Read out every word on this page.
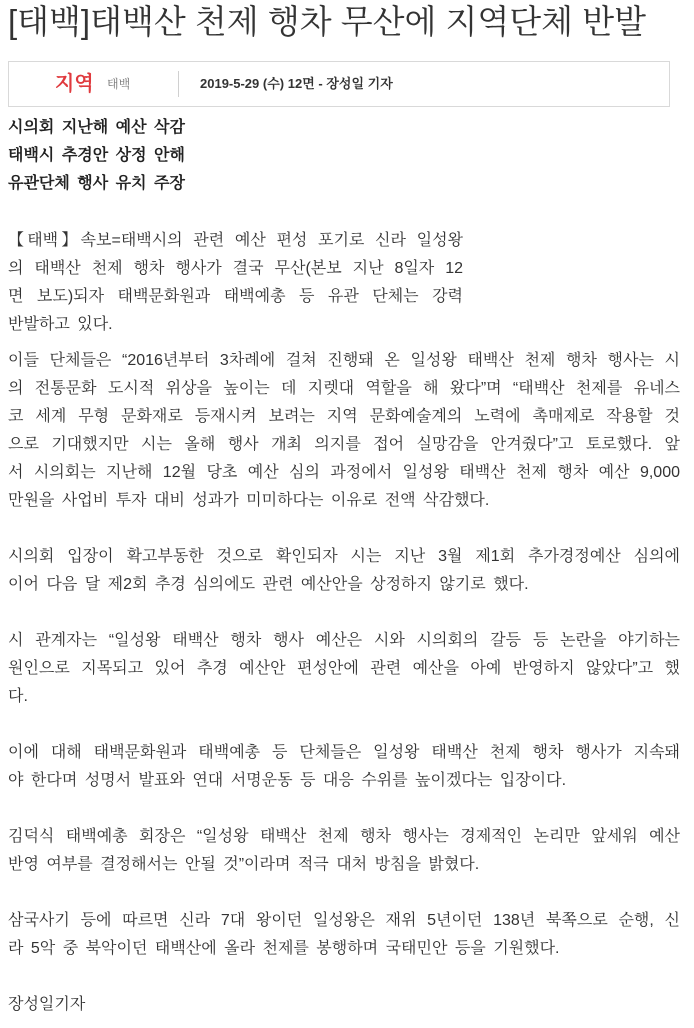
[태백]태백산 천제 행차 무산에 지역단체 반발
지역 태백	2019-5-29 (수) 12면 - 장성일 기자
시의회 지난해 예산 삭감
태백시 추경안 상정 안해
유관단체 행사 유치 주장
【태백】속보=태백시의 관련 예산 편성 포기로 신라 일성왕
의 태백산 천제 행차 행사가 결국 무산(본보 지난 8일자 12
면 보도)되자 태백문화원과 태백예총 등 유관 단체는 강력
반발하고 있다.
이들 단체들은 “2016년부터 3차례에 걸쳐 진행돼 온 일성왕 태백산 천제 행차 행사는 시
의 전통문화 도시적 위상을 높이는 데 지렛대 역할을 해 왔다”며 “태백산 천제를 유네스
코 세계 무형 문화재로 등재시켜 보려는 지역 문화예술계의 노력에 촉매제로 작용할 것
으로 기대했지만 시는 올해 행사 개최 의지를 접어 실망감을 안겨줬다”고 토로했다. 앞
서 시의회는 지난해 12월 당초 예산 심의 과정에서 일성왕 태백산 천제 행차 예산 9,000
만원을 사업비 투자 대비 성과가 미미하다는 이유로 전액 삭감했다.
시의회 입장이 확고부동한 것으로 확인되자 시는 지난 3월 제1회 추가경정예산 심의에
이어 다음 달 제2회 추경 심의에도 관련 예산안을 상정하지 않기로 했다.
시 관계자는 “일성왕 태백산 행차 행사 예산은 시와 시의회의 갈등 등 논란을 야기하는
원인으로 지목되고 있어 추경 예산안 편성안에 관련 예산을 아예 반영하지 않았다”고 했
다.
이에 대해 태백문화원과 태백예총 등 단체들은 일성왕 태백산 천제 행차 행사가 지속돼
야 한다며 성명서 발표와 연대 서명운동 등 대응 수위를 높이겠다는 입장이다.
김덕식 태백예총 회장은 “일성왕 태백산 천제 행차 행사는 경제적인 논리만 앞세워 예산
반영 여부를 결정해서는 안될 것”이라며 적극 대처 방침을 밝혔다.
삼국사기 등에 따르면 신라 7대 왕이던 일성왕은 재위 5년이던 138년 북쪽으로 순행, 신
라 5악 중 북악이던 태백산에 올라 천제를 봉행하며 국태민안 등을 기원했다.
장성일기자
